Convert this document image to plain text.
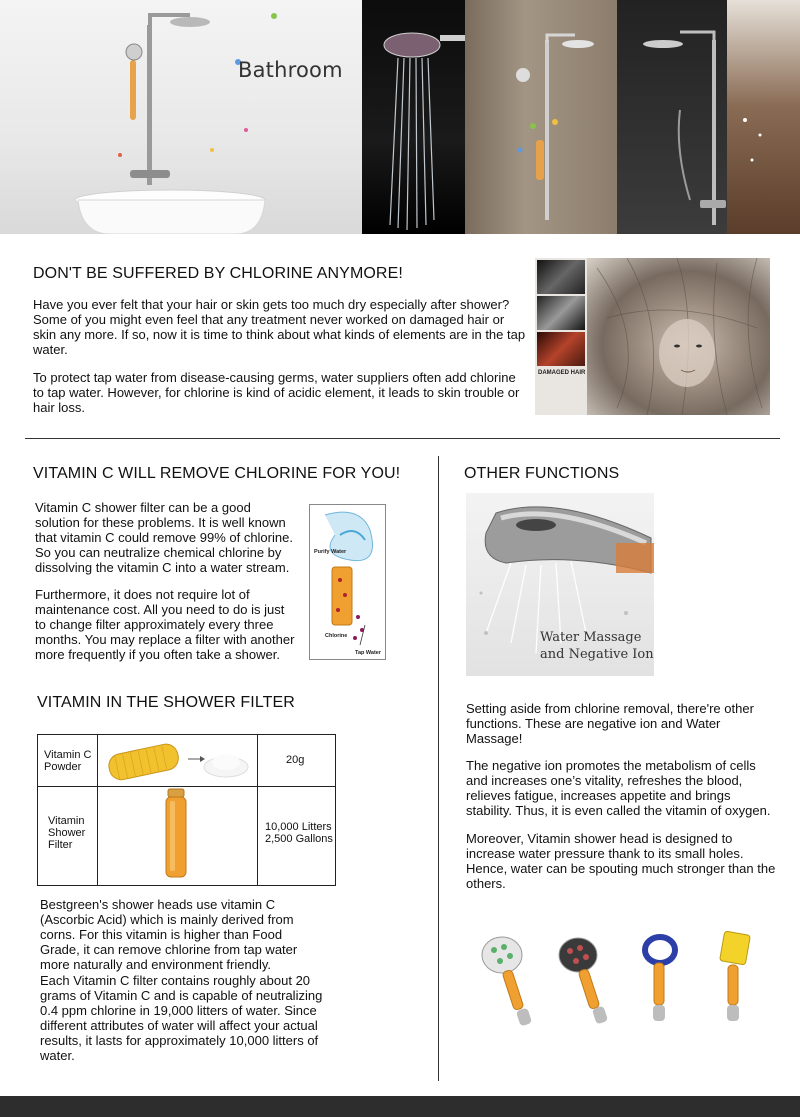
Bathroom
DON'T BE SUFFERED BY CHLORINE ANYMORE!

Have you ever felt that your hair or skin gets too much dry especially after shower? Some of you might even feel that any treatment never worked on damaged hair or skin any more. If so, now it is time to think about what kinds of elements are in the tap water.

To protect tap water from disease-causing germs, water suppliers often add chlorine to tap water. However, for chlorine is kind of acidic element, it leads to skin trouble or hair loss.

DAMAGED HAIR
VITAMIN C WILL REMOVE CHLORINE FOR YOU!

Vitamin C shower filter can be a good solution for these problems. It is well known that vitamin C could remove 99% of chlorine. So you can neutralize chemical chlorine by dissolving the vitamin C into a water stream.

Furthermore, it does not require lot of maintenance cost. All you need to do is just to change filter approximately every three months. You may replace a filter with another more frequently if you often take a shower.

Purify Water
Chlorine
Tap Water
VITAMIN IN THE SHOWER FILTER
Vitamin C Powder
20g
Vitamin Shower Filter
10,000 Litters
2,500 Gallons

Bestgreen's shower heads use vitamin C (Ascorbic Acid) which is mainly derived from corns. For this vitamin is higher than Food Grade, it can remove chlorine from tap water more naturally and environment friendly.

Each Vitamin C filter contains roughly about 20 grams of Vitamin C and is capable of neutralizing 0.4 ppm chlorine in 19,000 litters of water. Since different attributes of water will affect your actual results, it lasts for approximately 10,000 litters of water.

OTHER FUNCTIONS
Water Massage
and Negative Ion

Setting aside from chlorine removal, there're other functions. These are negative ion and Water Massage!

The negative ion promotes the metabolism of cells and increases one’s vitality, refreshes the blood, relieves fatigue, increases appetite and brings stability. Thus, it is even called the vitamin of oxygen.

Moreover, Vitamin shower head is designed to increase water pressure thank to its small holes. Hence, water can be spouting much stronger than the others.
